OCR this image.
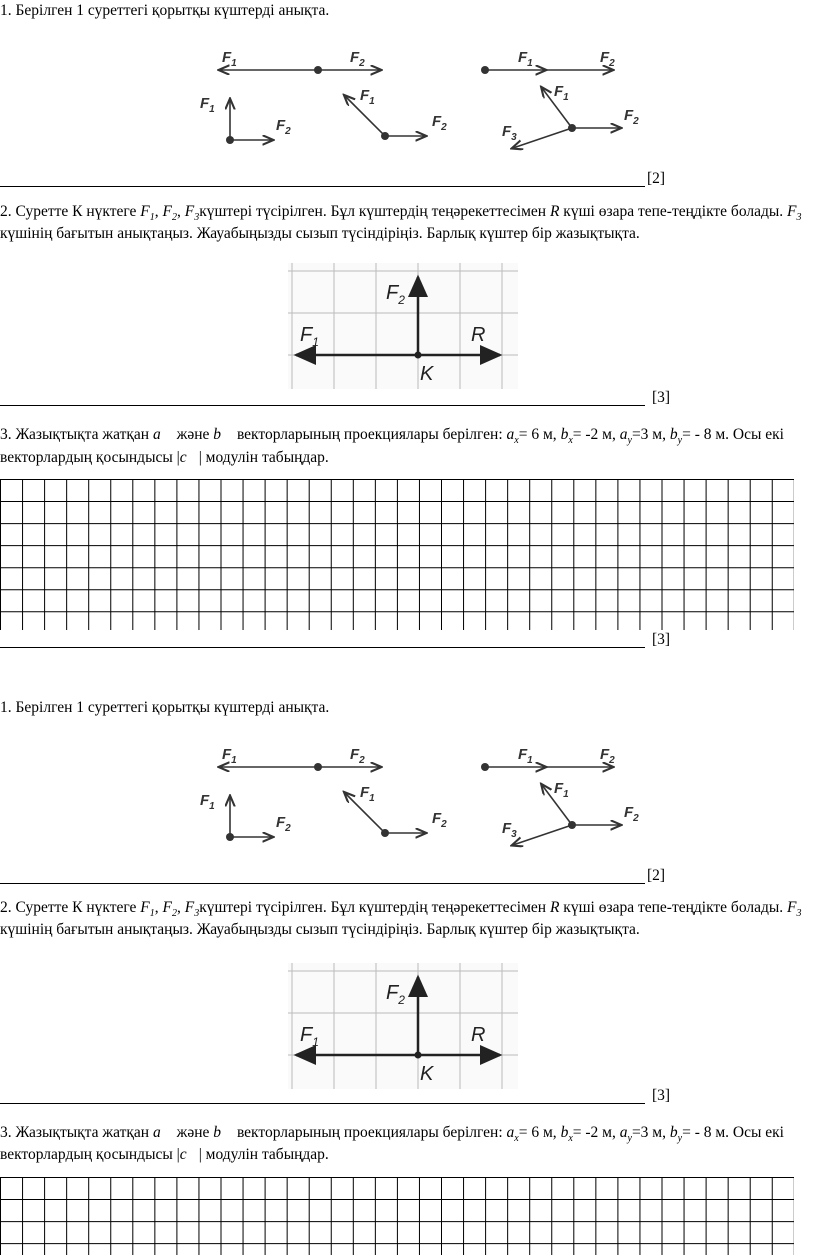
1. Берілген 1 суреттегі қорытқы күштерді анықта.
$F_1$	$F_2$	$F_1$	$F_2$
$F_1$
$F_2$
$F_1$
$F_2$
$F_1$
$F_2$
$F_3$
[2]
2. Суретте К нүктеге $F_1$, $F_2$, $F_3күштері$ түсірілген. Бұл күштердің теңәрекеттесімен R күші өзара тепе-теңдікте болады. $F_3$
күшінің бағытын анықтаңыз. Жауабыңызды сызып түсіндіріңіз. Барлық күштер бір жазықтықта.
$F_2$
$F_1$	R
K
[3]
3. Жазықтықта жатқан a⃗ және b⃗ векторларының проекциялары берілген: $a_x= 6$ м, $b_x= -2$ м, $a_y=3$ м, $b_y= - 8$ м. Осы екі
векторлардың қосындысы |c⃗| модулін табыңдар.
[3]
1. Берілген 1 суреттегі қорытқы күштерді анықта.
$F_1$	$F_2$	$F_1$	$F_2$
$F_1$
$F_2$
$F_1$
$F_2$
$F_1$
$F_2$
$F_3$
[2]
2. Суретте К нүктеге $F_1$, $F_2$, $F_3күштері$ түсірілген. Бұл күштердің теңәрекеттесімен R күші өзара тепе-теңдікте болады. $F_3$
күшінің бағытын анықтаңыз. Жауабыңызды сызып түсіндіріңіз. Барлық күштер бір жазықтықта.
$F_2$
$F_1$	R
K
[3]
3. Жазықтықта жатқан a⃗ және b⃗ векторларының проекциялары берілген: $a_x= 6$ м, $b_x= -2$ м, $a_y=3$ м, $b_y= - 8$ м. Осы екі
векторлардың қосындысы |c⃗| модулін табыңдар.
